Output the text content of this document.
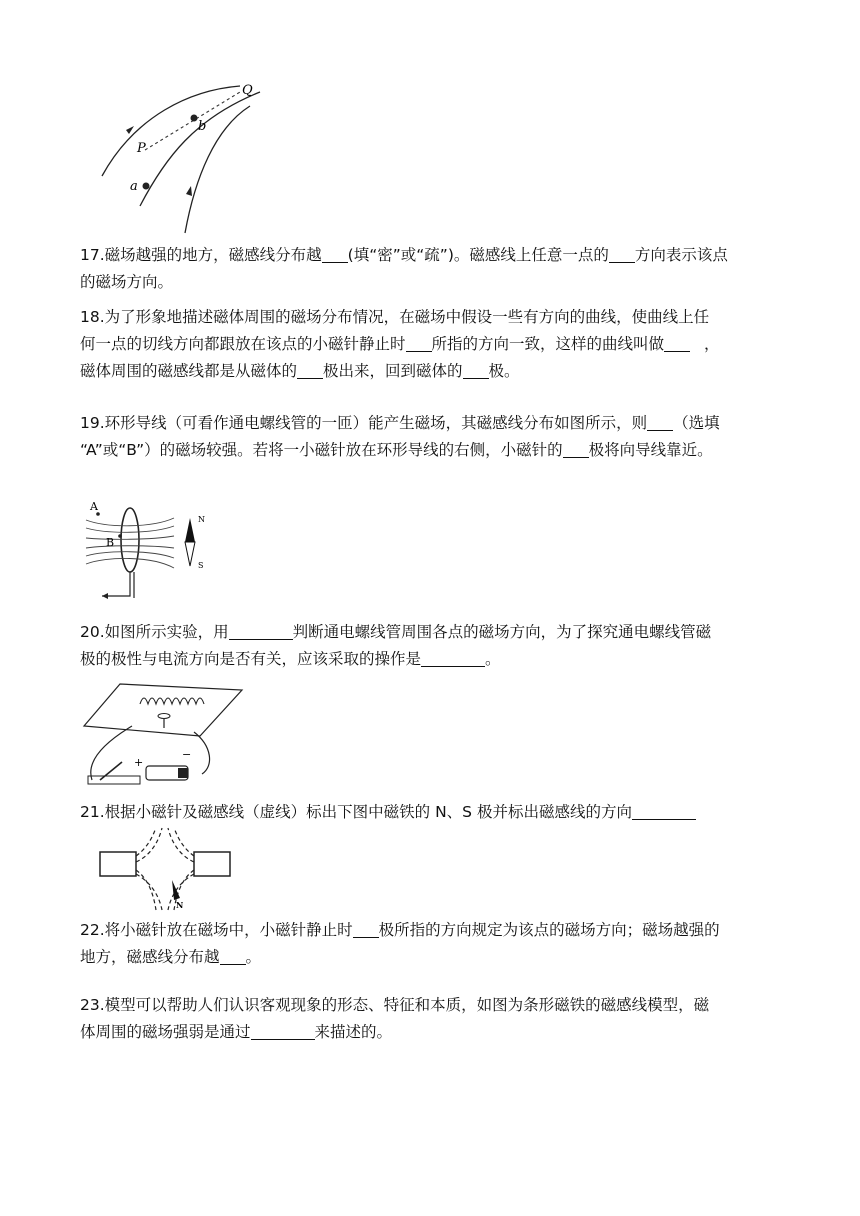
Q
b
P
a
17.磁场越强的地方，磁感线分布越 (填“密”或“疏”)。磁感线上任意一点的 方向表示该点
的磁场方向。
18.为了形象地描述磁体周围的磁场分布情况，在磁场中假设一些有方向的曲线，使曲线上任
何一点的切线方向都跟放在该点的小磁针静止时 所指的方向一致，这样的曲线叫做	，
磁体周围的磁感线都是从磁体的 极出来，回到磁体的 极。
19.环形导线（可看作通电螺线管的一匝）能产生磁场，其磁感线分布如图所示，则 （选填
“A”或“B”）的磁场较强。若将一小磁针放在环形导线的右侧，小磁针的 极将向导线靠近。
A
B
N
S
20.如图所示实验，用	判断通电螺线管周围各点的磁场方向，为了探究通电螺线管磁
极的极性与电流方向是否有关，应该采取的操作是	。
+
−
21.根据小磁针及磁感线（虚线）标出下图中磁铁的 N、S 极并标出磁感线的方向
N
22.将小磁针放在磁场中，小磁针静止时 极所指的方向规定为该点的磁场方向；磁场越强的
地方，磁感线分布越 。
23.模型可以帮助人们认识客观现象的形态、特征和本质，如图为条形磁铁的磁感线模型，磁
体周围的磁场强弱是通过	来描述的。
